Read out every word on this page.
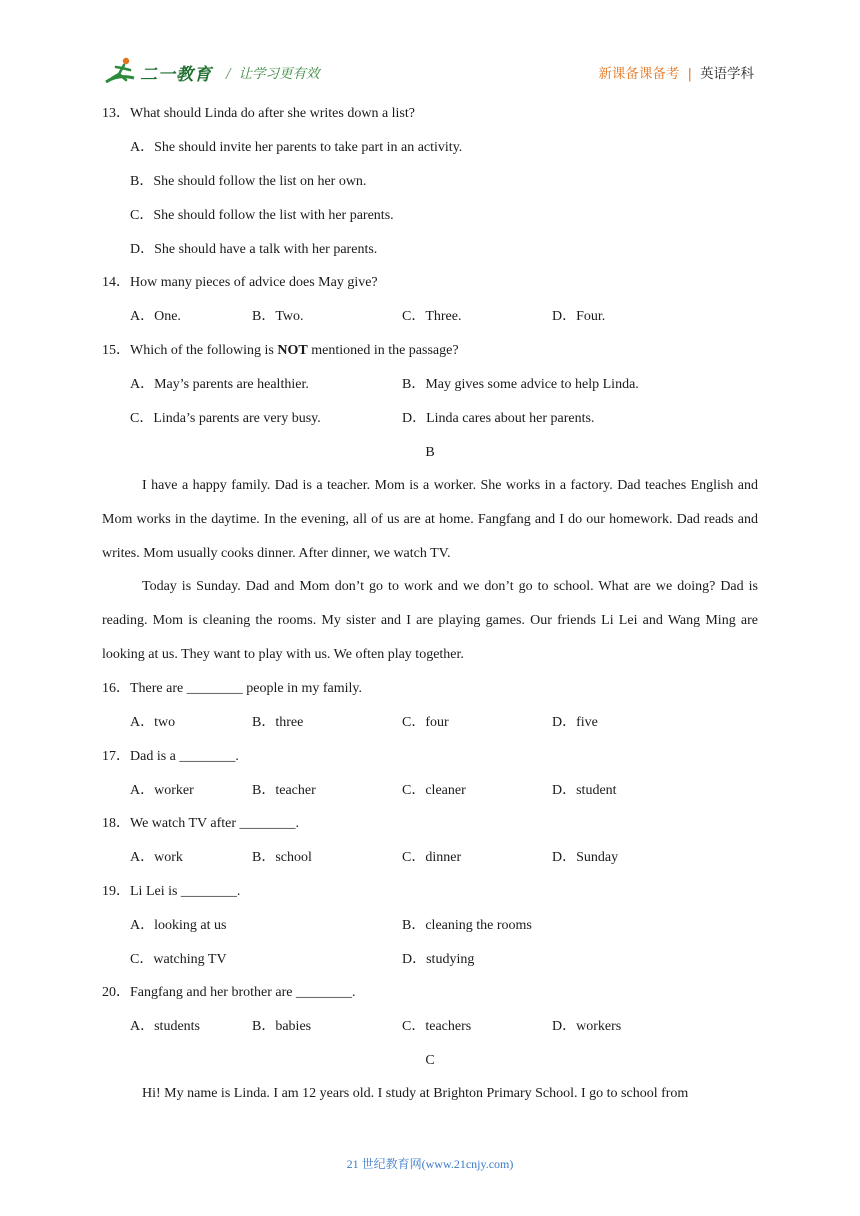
二一教育 / 让学习更有效	新课备课备考 | 英语学科
13．What should Linda do after she writes down a list?
A．She should invite her parents to take part in an activity.
B．She should follow the list on her own.
C．She should follow the list with her parents.
D．She should have a talk with her parents.
14．How many pieces of advice does May give?
A．One.	B．Two.	C．Three.	D．Four.
15．Which of the following is NOT mentioned in the passage?
A．May’s parents are healthier.	B．May gives some advice to help Linda.
C．Linda’s parents are very busy.	D．Linda cares about her parents.
B

I have a happy family. Dad is a teacher. Mom is a worker. She works in a factory. Dad teaches English and Mom works in the daytime. In the evening, all of us are at home. Fangfang and I do our homework. Dad reads and writes. Mom usually cooks dinner. After dinner, we watch TV.

Today is Sunday. Dad and Mom don’t go to work and we don’t go to school. What are we doing? Dad is reading. Mom is cleaning the rooms. My sister and I are playing games. Our friends Li Lei and Wang Ming are looking at us. They want to play with us. We often play together.

16．There are ________ people in my family.
A．two	B．three	C．four	D．five
17．Dad is a ________.
A．worker	B．teacher	C．cleaner	D．student
18．We watch TV after ________.
A．work	B．school	C．dinner	D．Sunday
19．Li Lei is ________.
A．looking at us	B．cleaning the rooms
C．watching TV	D．studying
20．Fangfang and her brother are ________.
A．students	B．babies	C．teachers	D．workers
C

Hi! My name is Linda. I am 12 years old. I study at Brighton Primary School. I go to school from

21 世纪教育网(www.21cnjy.com)
